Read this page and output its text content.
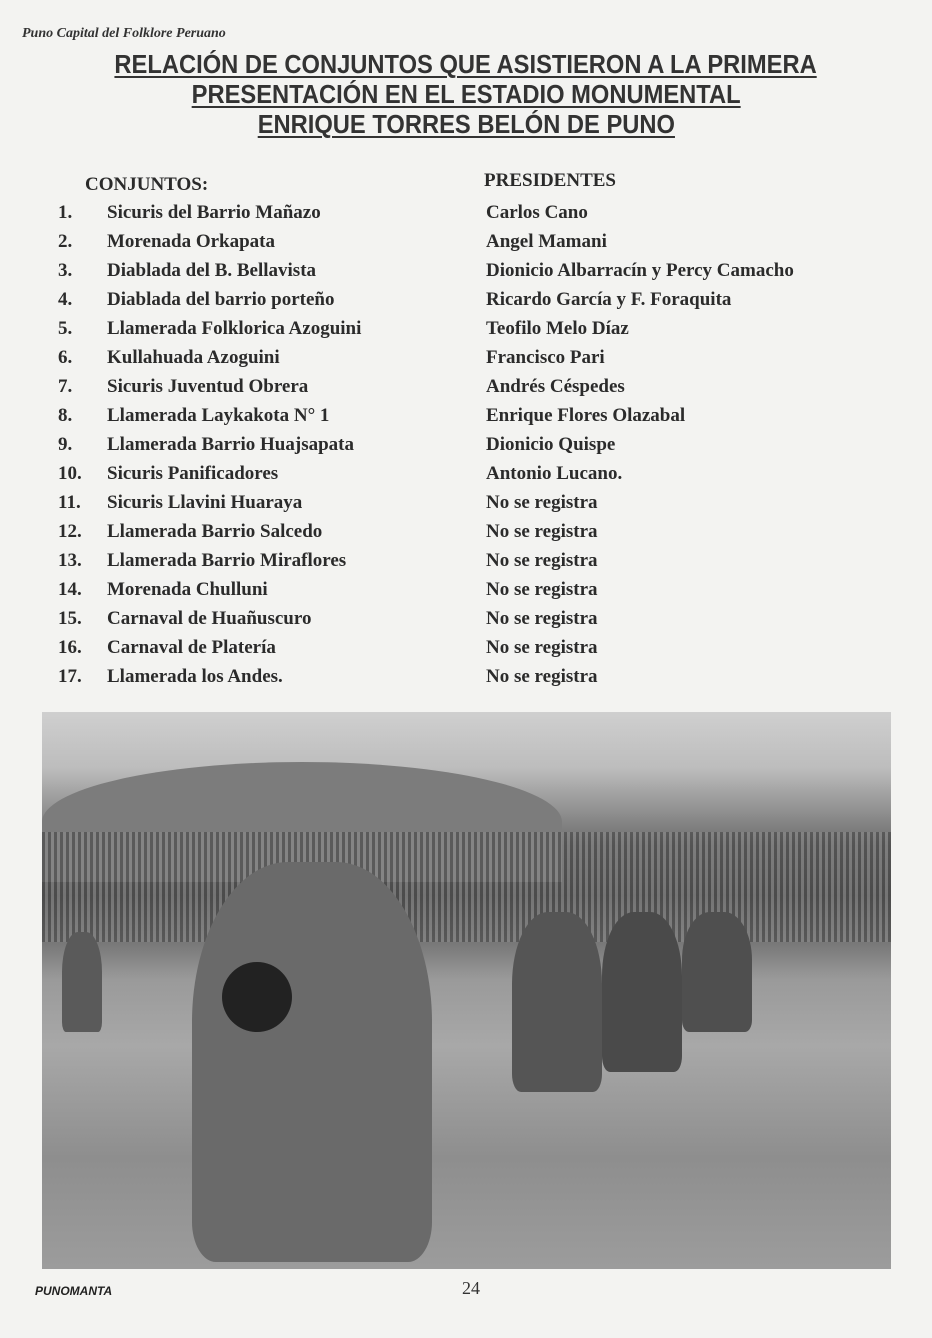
Puno Capital del Folklore Peruano
RELACIÓN DE CONJUNTOS QUE ASISTIERON A LA PRIMERA
PRESENTACIÓN EN EL ESTADIO MONUMENTAL
ENRIQUE TORRES BELÓN DE PUNO
CONJUNTOS:	PRESIDENTES
1. Sicuris del Barrio Mañazo	Carlos Cano
2. Morenada Orkapata	Angel Mamani
3. Diablada del B. Bellavista	Dionicio Albarracín y Percy Camacho
4. Diablada del barrio porteño	Ricardo García y F. Foraquita
5. Llamerada Folklorica Azoguini	Teofilo Melo Díaz
6. Kullahuada Azoguini	Francisco Pari
7. Sicuris Juventud Obrera	Andrés Céspedes
8. Llamerada Laykakota N° 1	Enrique Flores Olazabal
9. Llamerada Barrio Huajsapata	Dionicio Quispe
10. Sicuris Panificadores	Antonio Lucano.
11. Sicuris Llavini Huaraya	No se registra
12. Llamerada Barrio Salcedo	No se registra
13. Llamerada Barrio Miraflores	No se registra
14. Morenada Chulluni	No se registra
15. Carnaval de Huañuscuro	No se registra
16. Carnaval de Platería	No se registra
17. Llamerada los Andes.	No se registra
PUNOMANTA	24
